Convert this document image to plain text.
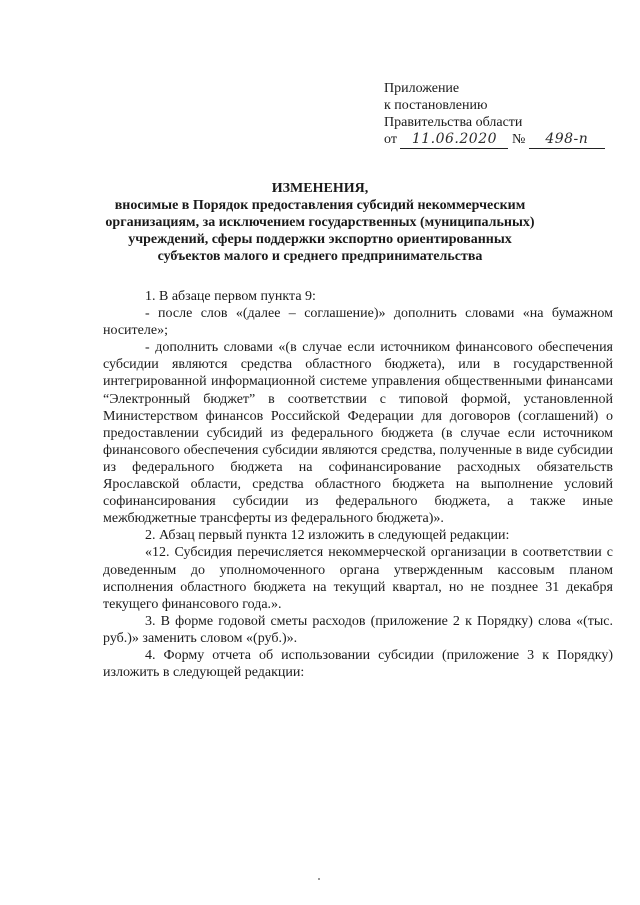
Приложение
к постановлению
Правительства области
от 11.06.2020 № 498-п
ИЗМЕНЕНИЯ,
вносимые в Порядок предоставления субсидий некоммерческим организациям, за исключением государственных (муниципальных) учреждений, сферы поддержки экспортно ориентированных субъектов малого и среднего предпринимательства

1. В абзаце первом пункта 9:

- после слов «(далее – соглашение)» дополнить словами «на бумажном носителе»;

- дополнить словами «(в случае если источником финансового обеспечения субсидии являются средства областного бюджета), или в государственной интегрированной информационной системе управления общественными финансами “Электронный бюджет” в соответствии с типовой формой, установленной Министерством финансов Российской Федерации для договоров (соглашений) о предоставлении субсидий из федерального бюджета (в случае если источником финансового обеспечения субсидии являются средства, полученные в виде субсидии из федерального бюджета на софинансирование расходных обязательств Ярославской области, средства областного бюджета на выполнение условий софинансирования субсидии из федерального бюджета, а также иные межбюджетные трансферты из федерального бюджета)».

2. Абзац первый пункта 12 изложить в следующей редакции:

«12. Субсидия перечисляется некоммерческой организации в соответствии с доведенным до уполномоченного органа утвержденным кассовым планом исполнения областного бюджета на текущий квартал, но не позднее 31 декабря текущего финансового года.».

3. В форме годовой сметы расходов (приложение 2 к Порядку) слова «(тыс. руб.)» заменить словом «(руб.)».

4. Форму отчета об использовании субсидии (приложение 3 к Порядку) изложить в следующей редакции:
